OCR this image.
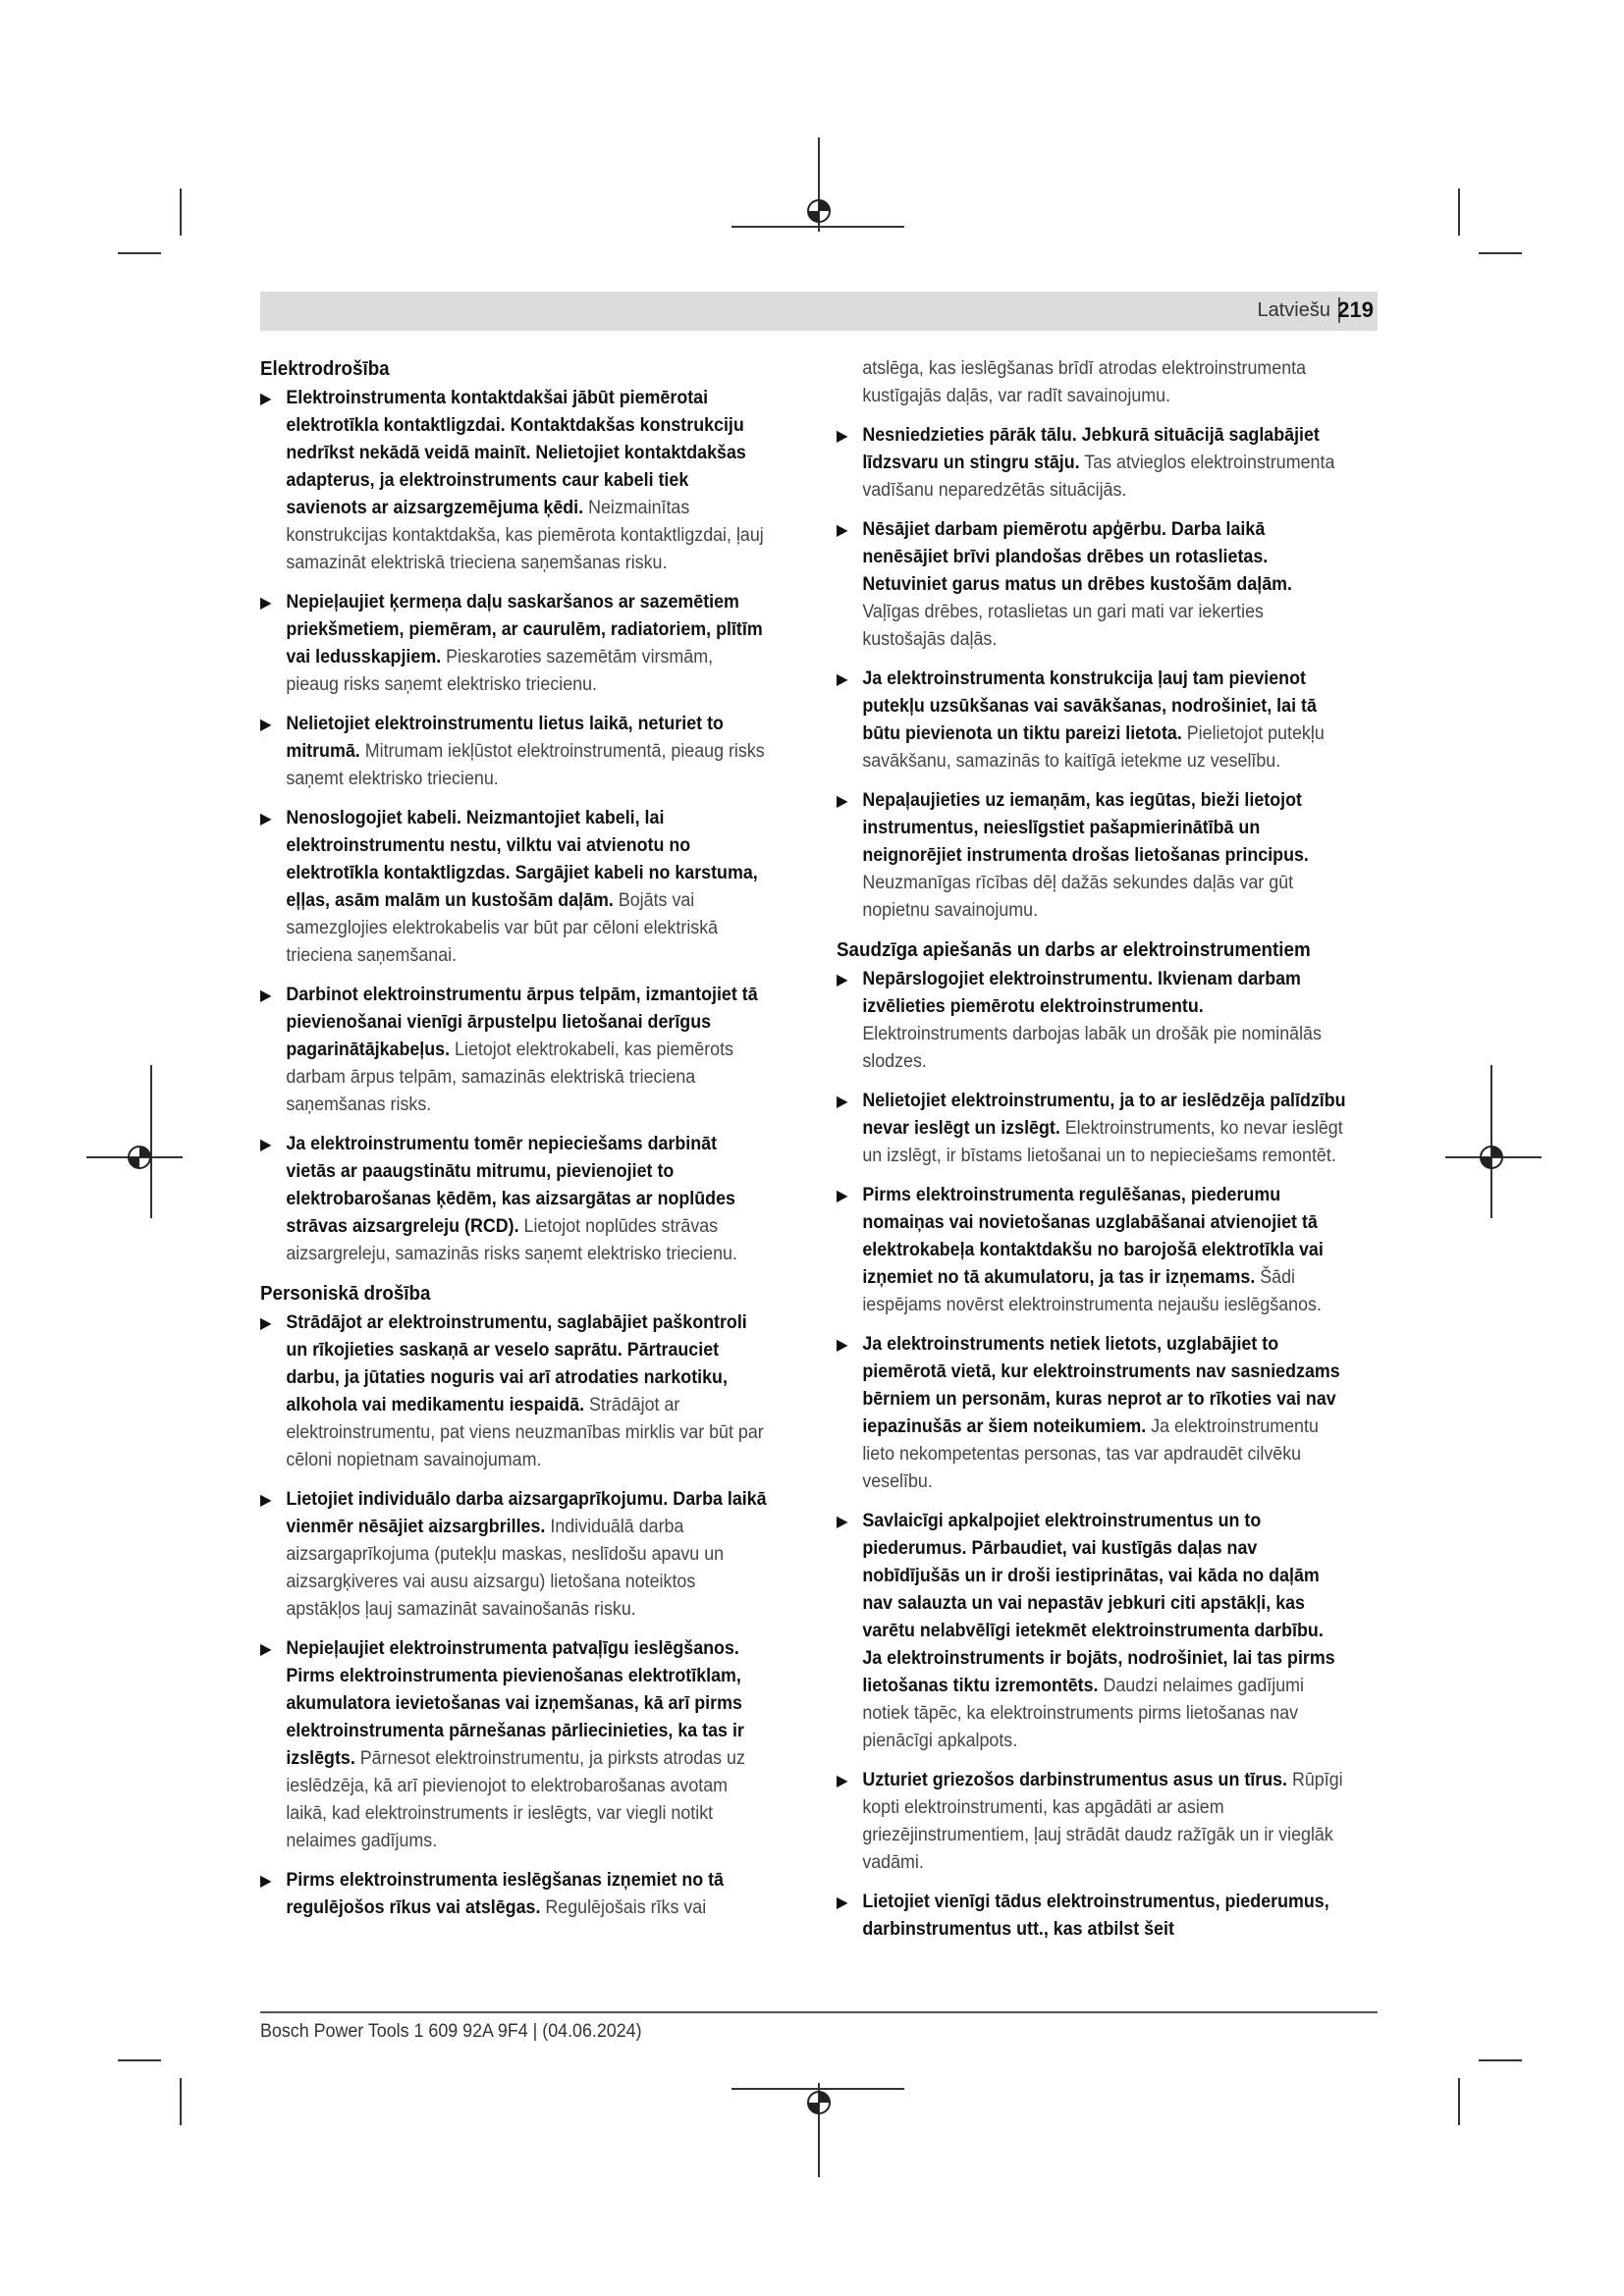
Latviešu 219
Elektrodrošība
▶ Elektroinstrumenta kontaktdakšai jābūt piemērotai elektrotīkla kontaktligzdai. Kontaktdakšas konstrukciju nedrīkst nekādā veidā mainīt. Nelietojiet kontaktdakšas adapterus, ja elektroinstruments caur kabeli tiek savienots ar aizsargzemējuma ķēdi. Neizmainītas konstrukcijas kontaktdakša, kas piemērota kontaktligzdai, ļauj samazināt elektriskā trieciena saņemšanas risku.
▶ Nepieļaujiet ķermeņa daļu saskaršanos ar sazemētiem priekšmetiem, piemēram, ar caurulēm, radiatoriem, plītīm vai ledusskapjiem. Pieskaroties sazemētām virsmām, pieaug risks saņemt elektrisko triecienu.
▶ Nelietojiet elektroinstrumentu lietus laikā, neturiet to mitrumā. Mitrumam iekļūstot elektroinstrumentā, pieaug risks saņemt elektrisko triecienu.
▶ Nenoslogojiet kabeli. Neizmantojiet kabeli, lai elektroinstrumentu nestu, vilktu vai atvienotu no elektrotīkla kontaktligzdas. Sargājiet kabeli no karstuma, eļļas, asām malām un kustošām daļām. Bojāts vai samezglojies elektrokabelis var būt par cēloni elektriskā trieciena saņemšanai.
▶ Darbinot elektroinstrumentu ārpus telpām, izmantojiet tā pievienošanai vienīgi ārpustelpu lietošanai derīgus pagarinātājkabeļus. Lietojot elektrokabeli, kas piemērots darbam ārpus telpām, samazinās elektriskā trieciena saņemšanas risks.
▶ Ja elektroinstrumentu tomēr nepieciešams darbināt vietās ar paaugstinātu mitrumu, pievienojiet to elektrobarošanas ķēdēm, kas aizsargātas ar noplūdes strāvas aizsargreleju (RCD). Lietojot noplūdes strāvas aizsargreleju, samazinās risks saņemt elektrisko triecienu.
Personiskā drošība
▶ Strādājot ar elektroinstrumentu, saglabājiet paškontroli un rīkojieties saskaņā ar veselo saprātu. Pārtrauciet darbu, ja jūtaties noguris vai arī atrodaties narkotiku, alkohola vai medikamentu iespaidā. Strādājot ar elektroinstrumentu, pat viens neuzmanības mirklis var būt par cēloni nopietnam savainojumam.
▶ Lietojiet individuālo darba aizsargaprīkojumu. Darba laikā vienmēr nēsājiet aizsargbrilles. Individuālā darba aizsargaprīkojuma (putekļu maskas, neslīdošu apavu un aizsargķiveres vai ausu aizsargu) lietošana noteiktos apstākļos ļauj samazināt savainošanās risku.
▶ Nepieļaujiet elektroinstrumenta patvaļīgu ieslēgšanos. Pirms elektroinstrumenta pievienošanas elektrotīklam, akumulatora ievietošanas vai izņemšanas, kā arī pirms elektroinstrumenta pārnešanas pārliecinieties, ka tas ir izslēgts. Pārnesot elektroinstrumentu, ja pirksts atrodas uz ieslēdzēja, kā arī pievienojot to elektrobarošanas avotam laikā, kad elektroinstruments ir ieslēgts, var viegli notikt nelaimes gadījums.
▶ Pirms elektroinstrumenta ieslēgšanas izņemiet no tā regulējošos rīkus vai atslēgas. Regulējošais rīks vai
atslēga, kas ieslēgšanas brīdī atrodas elektroinstrumenta kustīgajās daļās, var radīt savainojumu.
▶ Nesniedzieties pārāk tālu. Jebkurā situācijā saglabājiet līdzsvaru un stingru stāju. Tas atvieglos elektroinstrumenta vadīšanu neparedzētās situācijās.
▶ Nēsājiet darbam piemērotu apģērbu. Darba laikā nenēsājiet brīvi plandošas drēbes un rotaslietas. Netuviniet garus matus un drēbes kustošām daļām. Vaļīgas drēbes, rotaslietas un gari mati var iekerties kustošajās daļās.
▶ Ja elektroinstrumenta konstrukcija ļauj tam pievienot putekļu uzsūkšanas vai savākšanas, nodrošiniet, lai tā būtu pievienota un tiktu pareizi lietota. Pielietojot putekļu savākšanu, samazinās to kaitīgā ietekme uz veselību.
▶ Nepaļaujieties uz iemaņām, kas iegūtas, bieži lietojot instrumentus, neieslīgstiet pašapmierinātībā un neignorējiet instrumenta drošas lietošanas principus. Neuzmanīgas rīcības dēļ dažās sekundes daļās var gūt nopietnu savainojumu.
Saudzīga apiešanās un darbs ar elektroinstrumentiem
▶ Nepārslogojiet elektroinstrumentu. Ikvienam darbam izvēlieties piemērotu elektroinstrumentu. Elektroinstruments darbojas labāk un drošāk pie nominālās slodzes.
▶ Nelietojiet elektroinstrumentu, ja to ar ieslēdzēja palīdzību nevar ieslēgt un izslēgt. Elektroinstruments, ko nevar ieslēgt un izslēgt, ir bīstams lietošanai un to nepieciešams remontēt.
▶ Pirms elektroinstrumenta regulēšanas, piederumu nomaiņas vai novietošanas uzglabāšanai atvienojiet tā elektrokabeļa kontaktdakšu no barojošā elektrotīkla vai izņemiet no tā akumulatoru, ja tas ir izņemams. Šādi iespējams novērst elektroinstrumenta nejaušu ieslēgšanos.
▶ Ja elektroinstruments netiek lietots, uzglabājiet to piemērotā vietā, kur elektroinstruments nav sasniedzams bērniem un personām, kuras neprot ar to rīkoties vai nav iepazinušās ar šiem noteikumiem. Ja elektroinstrumentu lieto nekompetentas personas, tas var apdraudēt cilvēku veselību.
▶ Savlaicīgi apkalpojiet elektroinstrumentus un to piederumus. Pārbaudiet, vai kustīgās daļas nav nobīdījušās un ir droši iestiprinātas, vai kāda no daļām nav salauzta un vai nepastāv jebkuri citi apstākļi, kas varētu nelabvēlīgi ietekmēt elektroinstrumenta darbību. Ja elektroinstruments ir bojāts, nodrošiniet, lai tas pirms lietošanas tiktu izremontēts. Daudzi nelaimes gadījumi notiek tāpēc, ka elektroinstruments pirms lietošanas nav pienācīgi apkalpots.
▶ Uzturiet griezošos darbinstrumentus asus un tīrus. Rūpīgi kopti elektroinstrumenti, kas apgādāti ar asiem griezējinstrumentiem, ļauj strādāt daudz ražīgāk un ir vieglāk vadāmi.
▶ Lietojiet vienīgi tādus elektroinstrumentus, piederumus, darbinstrumentus utt., kas atbilst šeit
Bosch Power Tools 1 609 92A 9F4 | (04.06.2024)
